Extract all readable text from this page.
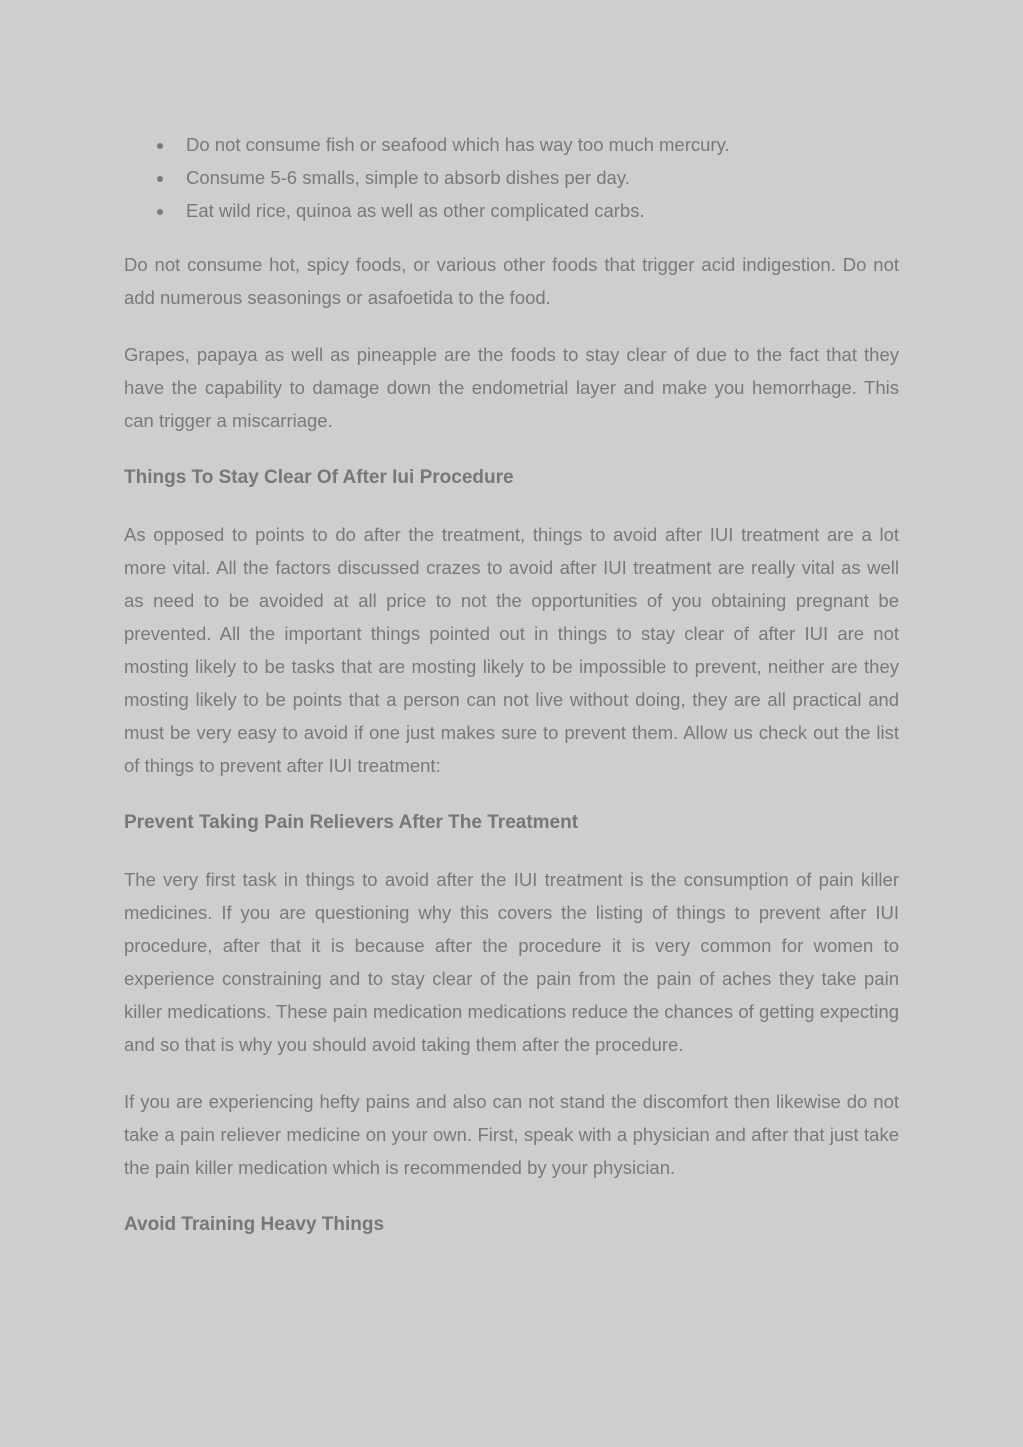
Do not consume fish or seafood which has way too much mercury.
Consume 5-6 smalls, simple to absorb dishes per day.
Eat wild rice, quinoa as well as other complicated carbs.

Do not consume hot, spicy foods, or various other foods that trigger acid indigestion. Do not add numerous seasonings or asafoetida to the food.

Grapes, papaya as well as pineapple are the foods to stay clear of due to the fact that they have the capability to damage down the endometrial layer and make you hemorrhage. This can trigger a miscarriage.

Things To Stay Clear Of After Iui Procedure

As opposed to points to do after the treatment, things to avoid after IUI treatment are a lot more vital. All the factors discussed crazes to avoid after IUI treatment are really vital as well as need to be avoided at all price to not the opportunities of you obtaining pregnant be prevented. All the important things pointed out in things to stay clear of after IUI are not mosting likely to be tasks that are mosting likely to be impossible to prevent, neither are they mosting likely to be points that a person can not live without doing, they are all practical and must be very easy to avoid if one just makes sure to prevent them. Allow us check out the list of things to prevent after IUI treatment:

Prevent Taking Pain Relievers After The Treatment

The very first task in things to avoid after the IUI treatment is the consumption of pain killer medicines. If you are questioning why this covers the listing of things to prevent after IUI procedure, after that it is because after the procedure it is very common for women to experience constraining and to stay clear of the pain from the pain of aches they take pain killer medications. These pain medication medications reduce the chances of getting expecting and so that is why you should avoid taking them after the procedure.

If you are experiencing hefty pains and also can not stand the discomfort then likewise do not take a pain reliever medicine on your own. First, speak with a physician and after that just take the pain killer medication which is recommended by your physician.

Avoid Training Heavy Things
